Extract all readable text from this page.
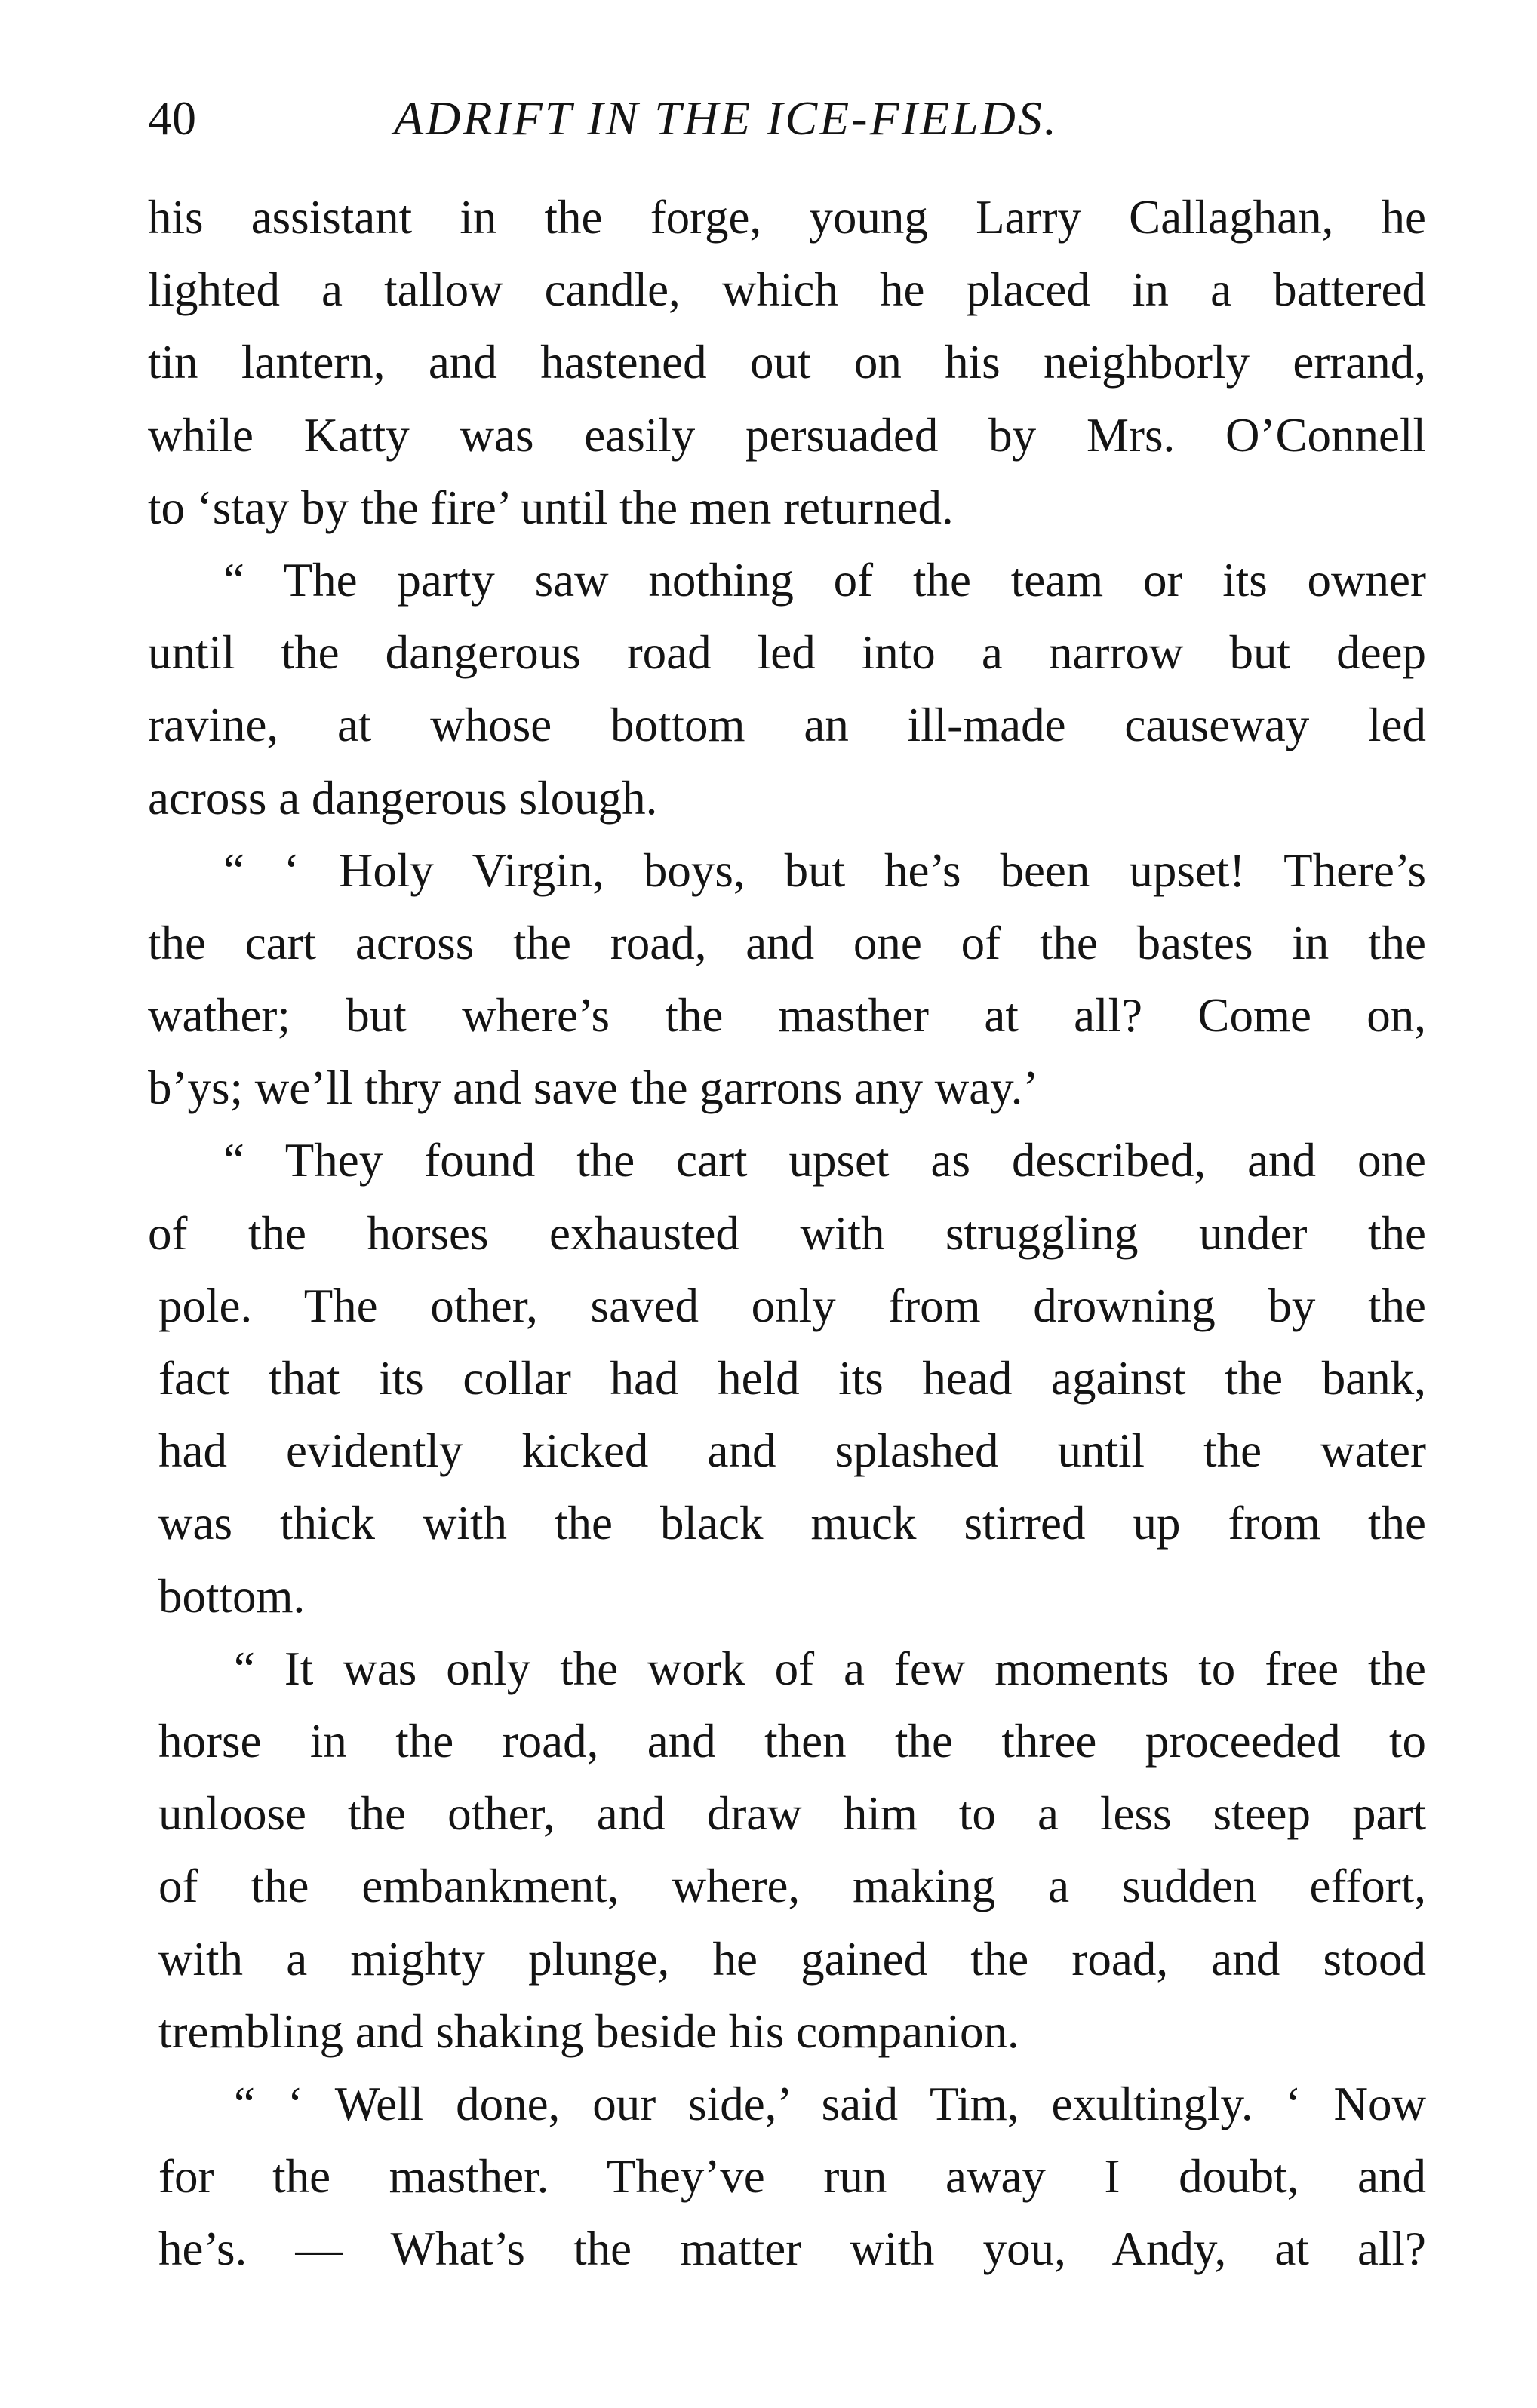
40	ADRIFT IN THE ICE-FIELDS.
his assistant in the forge, young Larry Callaghan, he
lighted a tallow candle, which he placed in a battered
tin lantern, and hastened out on his neighborly errand,
while Katty was easily persuaded by Mrs. O’Connell
to ‘stay by the fire’ until the men returned.
“ The party saw nothing of the team or its owner
until the dangerous road led into a narrow but deep
ravine, at whose bottom an ill-made causeway led
across a dangerous slough.
“ ‘ Holy Virgin, boys, but he’s been upset! There’s
the cart across the road, and one of the bastes in the
wather; but where’s the masther at all? Come on,
b’ys; we’ll thry and save the garrons any way.’
“ They found the cart upset as described, and one
of the horses exhausted with struggling under the
pole. The other, saved only from drowning by the
fact that its collar had held its head against the bank,
had evidently kicked and splashed until the water
was thick with the black muck stirred up from the
bottom.
“ It was only the work of a few moments to free the
horse in the road, and then the three proceeded to
unloose the other, and draw him to a less steep part
of the embankment, where, making a sudden effort,
with a mighty plunge, he gained the road, and stood
trembling and shaking beside his companion.
“ ‘ Well done, our side,’ said Tim, exultingly. ‘ Now
for the masther. They’ve run away I doubt, and
he’s. — What’s the matter with you, Andy, at all?
